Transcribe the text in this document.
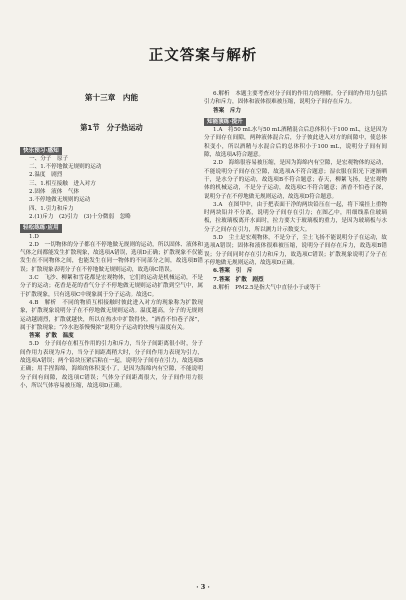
正文答案与解析
第十三章　内能
第1节　分子热运动
快乐预习·感知
一、分子　原子
二、1.不停地做无规则的运动
2.温度　剧烈
三、1.相互接触　进入对方
2.固体　液体　气体
3.不停地做无规则的运动
四、1.引力和斥力
2.(1)斥力　(2)引力　(3)十分微弱　忽略
轻松练练·应用
1.D
2.D　一切物体的分子都在不停地做无规则的运动，所以固体、液体和气体之间都能发生扩散现象，故选项A错误，选项D正确；扩散现象不仅能发生在不同物体之间，也能发生在同一物体的不同部分之间，故选项B错误；扩散现象表明分子在不停地做无规则运动，故选项C错误。
3.C　飞沙、柳絮和雪花都是宏观物体，它们的运动是机械运动，不是分子的运动；花香是花的香气分子不停地做无规则运动扩散到空气中，属于扩散现象，只有选项C中现象属于分子运动。故选C。
4.B　解析　不同的物质互相接触时彼此进入对方的现象称为扩散现象，扩散现象说明分子在不停地做无规则运动。温度越高，分子的无规则运动越剧烈，扩散就越快，所以在热水中扩散得快。“酒香不怕巷子深”，属于扩散现象；“冷水泡茶慢慢浓”说明分子运动的快慢与温度有关。
答案　扩散　温度
5.D　分子间存在相互作用的引力和斥力，当分子间距离很小时，分子间作用力表现为斥力，当分子间距离稍大时，分子间作用力表现为引力，故选项A错误；两个铅块压紧后粘在一起，说明分子间存在引力，故选项B正确；用手捏海绵，海绵的体积变小了，是因为海绵内有空隙，不能说明分子间有间隙，故选项C错误；气体分子间距离很大，分子间作用力很小，所以气体容易被压缩，故选项D正确。
6.解析　本题主要考查对分子间的作用力的理解。分子间的作用力包括引力和斥力，固体和液体很难被压缩，说明分子间存在斥力。
答案　斥力
知能演练·提升
1.A　将50 mL水与50 mL酒精混合后总体积小于100 mL，这是因为分子间存在间隙，两种液体混合后，分子彼此进入对方的间隙中，使总体积变小，所以酒精与水混合后的总体积小于100 mL，说明分子间有间隙，故选项A符合题意。
2.D　海绵很容易被压缩，是因为海绵内有空隙，是宏观物体的运动，不能说明分子间存在空隙，故选项A不符合题意；湿衣服在阳光下逐渐晒干，是水分子的运动，故选项B不符合题意；春天，柳絮飞扬，是宏观物体的机械运动，不是分子运动，故选项C不符合题意；酒香不怕巷子深，说明分子在不停地做无规则运动，故选项D符合题意。
3.A　在图甲中，由于把表面干净的两块铅压在一起，将下端挂上重物时两块铅并不分离，说明分子间存在引力；在图乙中，用细线系住玻璃板，拉玻璃板离开水面时，拉力要大于玻璃板的重力，是因为玻璃板与水分子之间存在引力，所以测力计示数变大。
5.D　尘土是宏观物体，不是分子，尘土飞扬不能说明分子在运动，故选项A错误；固体和液体很难被压缩，说明分子间存在斥力，故选项B错误；分子间同时存在引力和斥力，故选项C错误；扩散现象说明了分子在不停地做无规则运动，故选项D正确。
6.答案　引　斥
7.答案　扩散　剧烈
8.解析　PM2.5是指大气中直径小于或等于
· 3 ·
